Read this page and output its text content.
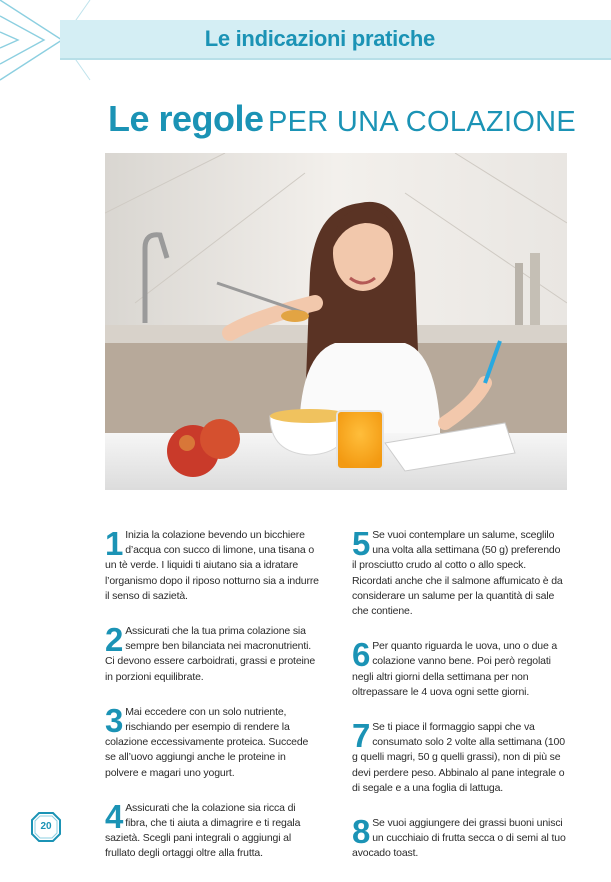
Le indicazioni pratiche
Le regole PER UNA COLAZIONE
1 Inizia la colazione bevendo un bicchiere d’acqua con succo di limone, una tisana o un tè verde. I liquidi ti aiutano sia a idratare l’organismo dopo il riposo notturno sia a indurre il senso di sazietà.
2 Assicurati che la tua prima colazione sia sempre ben bilanciata nei macronutrienti. Ci devono essere carboidrati, grassi e proteine in porzioni equilibrate.
3 Mai eccedere con un solo nutriente, rischiando per esempio di rendere la colazione eccessivamente proteica. Succede se all’uovo aggiungi anche le proteine in polvere e magari uno yogurt.
4 Assicurati che la colazione sia ricca di fibra, che ti aiuta a dimagrire e ti regala sazietà. Scegli pani integrali o aggiungi al frullato degli ortaggi oltre alla frutta.
5 Se vuoi contemplare un salume, sceglilo una volta alla settimana (50 g) preferendo il prosciutto crudo al cotto o allo speck. Ricordati anche che il salmone affumicato è da considerare un salume per la quantità di sale che contiene.
6 Per quanto riguarda le uova, uno o due a colazione vanno bene. Poi però regolati negli altri giorni della settimana per non oltrepassare le 4 uova ogni sette giorni.
7 Se ti piace il formaggio sappi che va consumato solo 2 volte alla settimana (100 g quelli magri, 50 g quelli grassi), non di più se devi perdere peso. Abbinalo al pane integrale o di segale e a una foglia di lattuga.
8 Se vuoi aggiungere dei grassi buoni unisci un cucchiaio di frutta secca o di semi al tuo avocado toast.
20
